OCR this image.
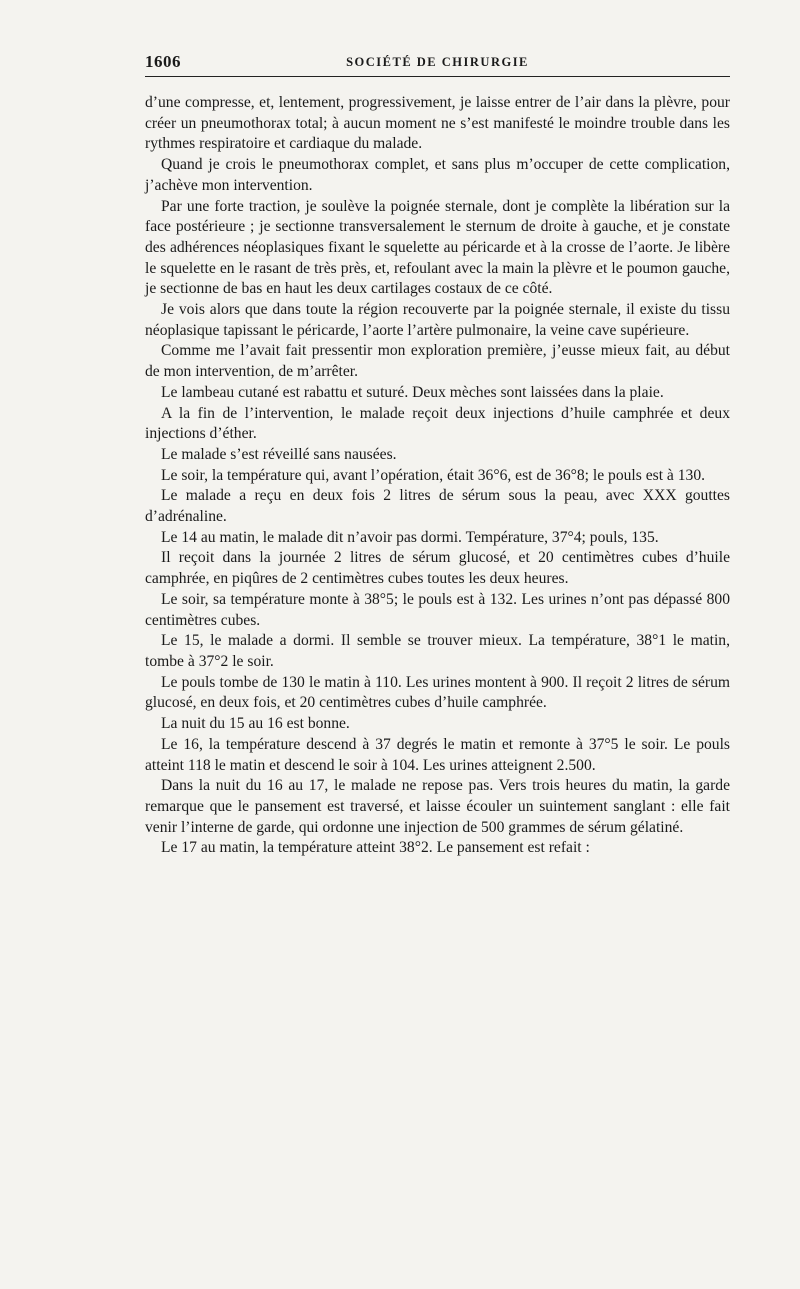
1606	SOCIÉTÉ DE CHIRURGIE

d’une compresse, et, lentement, progressivement, je laisse entrer de l’air dans la plèvre, pour créer un pneumothorax total; à aucun moment ne s’est manifesté le moindre trouble dans les rythmes respiratoire et cardiaque du malade.

Quand je crois le pneumothorax complet, et sans plus m’occuper de cette complication, j’achève mon intervention.

Par une forte traction, je soulève la poignée sternale, dont je complète la libération sur la face postérieure ; je sectionne transversalement le sternum de droite à gauche, et je constate des adhérences néoplasiques fixant le squelette au péricarde et à la crosse de l’aorte. Je libère le squelette en le rasant de très près, et, refoulant avec la main la plèvre et le poumon gauche, je sectionne de bas en haut les deux cartilages costaux de ce côté.

Je vois alors que dans toute la région recouverte par la poignée sternale, il existe du tissu néoplasique tapissant le péricarde, l’aorte l’artère pulmonaire, la veine cave supérieure.

Comme me l’avait fait pressentir mon exploration première, j’eusse mieux fait, au début de mon intervention, de m’arrêter.

Le lambeau cutané est rabattu et suturé. Deux mèches sont laissées dans la plaie.

A la fin de l’intervention, le malade reçoit deux injections d’huile camphrée et deux injections d’éther.

Le malade s’est réveillé sans nausées.

Le soir, la température qui, avant l’opération, était 36°6, est de 36°8; le pouls est à 130.

Le malade a reçu en deux fois 2 litres de sérum sous la peau, avec XXX gouttes d’adrénaline.

Le 14 au matin, le malade dit n’avoir pas dormi. Température, 37°4; pouls, 135.

Il reçoit dans la journée 2 litres de sérum glucosé, et 20 centimètres cubes d’huile camphrée, en piqûres de 2 centimètres cubes toutes les deux heures.

Le soir, sa température monte à 38°5; le pouls est à 132. Les urines n’ont pas dépassé 800 centimètres cubes.

Le 15, le malade a dormi. Il semble se trouver mieux. La température, 38°1 le matin, tombe à 37°2 le soir.

Le pouls tombe de 130 le matin à 110. Les urines montent à 900. Il reçoit 2 litres de sérum glucosé, en deux fois, et 20 centimètres cubes d’huile camphrée.

La nuit du 15 au 16 est bonne.

Le 16, la température descend à 37 degrés le matin et remonte à 37°5 le soir. Le pouls atteint 118 le matin et descend le soir à 104. Les urines atteignent 2.500.

Dans la nuit du 16 au 17, le malade ne repose pas. Vers trois heures du matin, la garde remarque que le pansement est traversé, et laisse écouler un suintement sanglant : elle fait venir l’interne de garde, qui ordonne une injection de 500 grammes de sérum gélatiné.

Le 17 au matin, la température atteint 38°2. Le pansement est refait :
